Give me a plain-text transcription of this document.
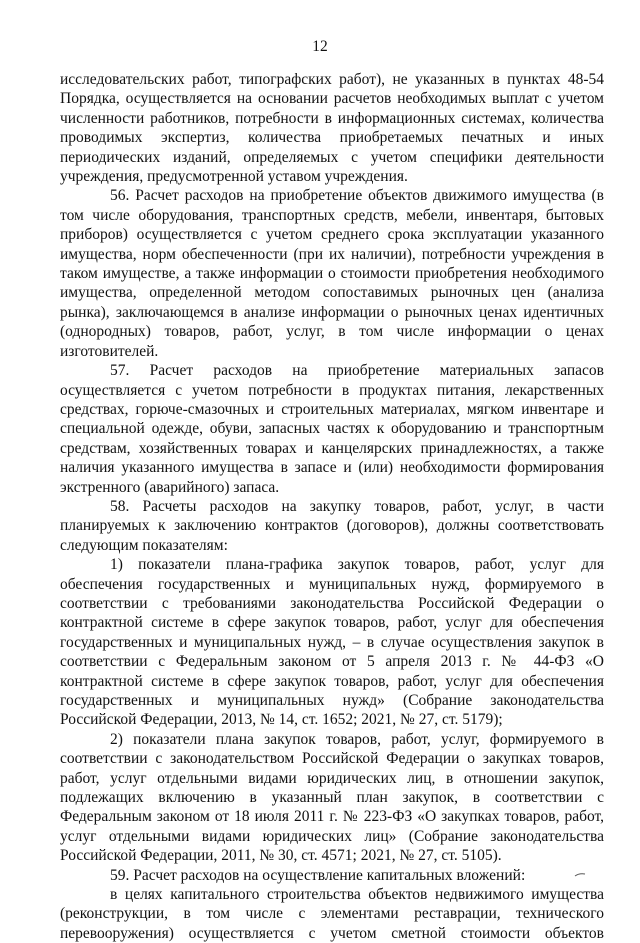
12

исследовательских работ, типографских работ), не указанных в пунктах 48-54 Порядка, осуществляется на основании расчетов необходимых выплат с учетом численности работников, потребности в информационных системах, количества проводимых экспертиз, количества приобретаемых печатных и иных периодических изданий, определяемых с учетом специфики деятельности учреждения, предусмотренной уставом учреждения.

56. Расчет расходов на приобретение объектов движимого имущества (в том числе оборудования, транспортных средств, мебели, инвентаря, бытовых приборов) осуществляется с учетом среднего срока эксплуатации указанного имущества, норм обеспеченности (при их наличии), потребности учреждения в таком имуществе, а также информации о стоимости приобретения необходимого имущества, определенной методом сопоставимых рыночных цен (анализа рынка), заключающемся в анализе информации о рыночных ценах идентичных (однородных) товаров, работ, услуг, в том числе информации о ценах изготовителей.

57. Расчет расходов на приобретение материальных запасов осуществляется с учетом потребности в продуктах питания, лекарственных средствах, горюче-смазочных и строительных материалах, мягком инвентаре и специальной одежде, обуви, запасных частях к оборудованию и транспортным средствам, хозяйственных товарах и канцелярских принадлежностях, а также наличия указанного имущества в запасе и (или) необходимости формирования экстренного (аварийного) запаса.

58. Расчеты расходов на закупку товаров, работ, услуг, в части планируемых к заключению контрактов (договоров), должны соответствовать следующим показателям:

1) показатели плана-графика закупок товаров, работ, услуг для обеспечения государственных и муниципальных нужд, формируемого в соответствии с требованиями законодательства Российской Федерации о контрактной системе в сфере закупок товаров, работ, услуг для обеспечения государственных и муниципальных нужд, – в случае осуществления закупок в соответствии с Федеральным законом от 5 апреля 2013 г. № 44-ФЗ «О контрактной системе в сфере закупок товаров, работ, услуг для обеспечения государственных и муниципальных нужд» (Собрание законодательства Российской Федерации, 2013, № 14, ст. 1652; 2021, № 27, ст. 5179);

2) показатели плана закупок товаров, работ, услуг, формируемого в соответствии с законодательством Российской Федерации о закупках товаров, работ, услуг отдельными видами юридических лиц, в отношении закупок, подлежащих включению в указанный план закупок, в соответствии с Федеральным законом от 18 июля 2011 г. № 223-ФЗ «О закупках товаров, работ, услуг отдельными видами юридических лиц» (Собрание законодательства Российской Федерации, 2011, № 30, ст. 4571; 2021, № 27, ст. 5105).

59. Расчет расходов на осуществление капитальных вложений:

в целях капитального строительства объектов недвижимого имущества (реконструкции, в том числе с элементами реставрации, технического перевооружения) осуществляется с учетом сметной стоимости объектов
